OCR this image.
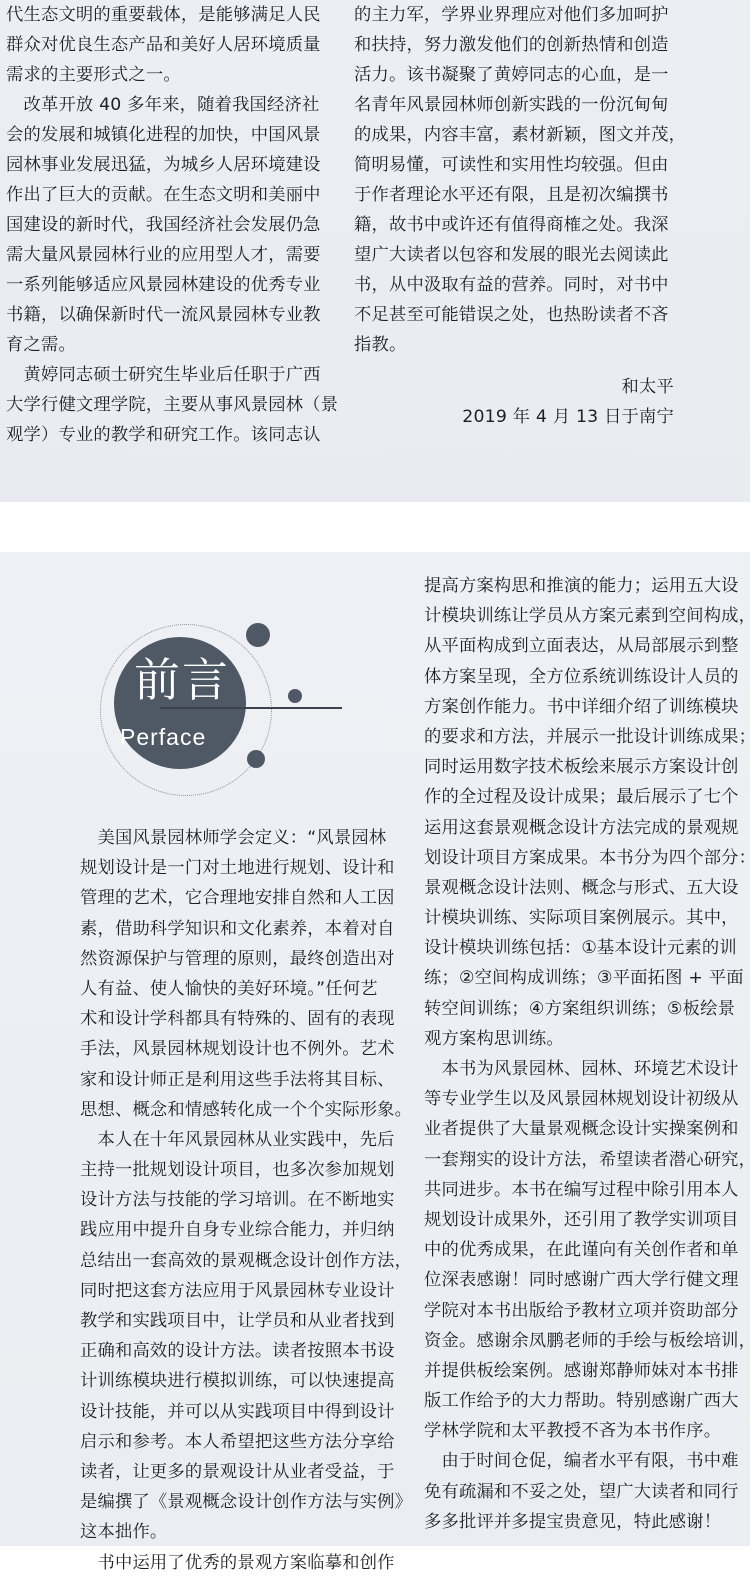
代生态文明的重要载体，是能够满足人民
群众对优良生态产品和美好人居环境质量
需求的主要形式之一。
　改革开放 40 多年来，随着我国经济社
会的发展和城镇化进程的加快，中国风景
园林事业发展迅猛，为城乡人居环境建设
作出了巨大的贡献。在生态文明和美丽中
国建设的新时代，我国经济社会发展仍急
需大量风景园林行业的应用型人才，需要
一系列能够适应风景园林建设的优秀专业
书籍，以确保新时代一流风景园林专业教
育之需。
　黄婷同志硕士研究生毕业后任职于广西
大学行健文理学院，主要从事风景园林（景
观学）专业的教学和研究工作。该同志认
的主力军，学界业界理应对他们多加呵护
和扶持，努力激发他们的创新热情和创造
活力。该书凝聚了黄婷同志的心血，是一
名青年风景园林师创新实践的一份沉甸甸
的成果，内容丰富，素材新颖，图文并茂，
简明易懂，可读性和实用性均较强。但由
于作者理论水平还有限，且是初次编撰书
籍，故书中或许还有值得商榷之处。我深
望广大读者以包容和发展的眼光去阅读此
书，从中汲取有益的营养。同时，对书中
不足甚至可能错误之处，也热盼读者不吝
指教。
和太平
2019 年 4 月 13 日于南宁
前言
Perface
　美国风景园林师学会定义：“风景园林
规划设计是一门对土地进行规划、设计和
管理的艺术，它合理地安排自然和人工因
素，借助科学知识和文化素养，本着对自
然资源保护与管理的原则，最终创造出对
人有益、使人愉快的美好环境。”任何艺
术和设计学科都具有特殊的、固有的表现
手法，风景园林规划设计也不例外。艺术
家和设计师正是利用这些手法将其目标、
思想、概念和情感转化成一个个实际形象。
　本人在十年风景园林从业实践中，先后
主持一批规划设计项目，也多次参加规划
设计方法与技能的学习培训。在不断地实
践应用中提升自身专业综合能力，并归纳
总结出一套高效的景观概念设计创作方法，
同时把这套方法应用于风景园林专业设计
教学和实践项目中，让学员和从业者找到
正确和高效的设计方法。读者按照本书设
计训练模块进行模拟训练，可以快速提高
设计技能，并可以从实践项目中得到设计
启示和参考。本人希望把这些方法分享给
读者，让更多的景观设计从业者受益，于
是编撰了《景观概念设计创作方法与实例》
这本拙作。
　书中运用了优秀的景观方案临摹和创作
提高方案构思和推演的能力；运用五大设
计模块训练让学员从方案元素到空间构成，
从平面构成到立面表达，从局部展示到整
体方案呈现，全方位系统训练设计人员的
方案创作能力。书中详细介绍了训练模块
的要求和方法，并展示一批设计训练成果；
同时运用数字技术板绘来展示方案设计创
作的全过程及设计成果；最后展示了七个
运用这套景观概念设计方法完成的景观规
划设计项目方案成果。本书分为四个部分：
景观概念设计法则、概念与形式、五大设
计模块训练、实际项目案例展示。其中，
设计模块训练包括：①基本设计元素的训
练；②空间构成训练；③平面拓图 + 平面
转空间训练；④方案组织训练；⑤板绘景
观方案构思训练。
　本书为风景园林、园林、环境艺术设计
等专业学生以及风景园林规划设计初级从
业者提供了大量景观概念设计实操案例和
一套翔实的设计方法，希望读者潜心研究，
共同进步。本书在编写过程中除引用本人
规划设计成果外，还引用了教学实训项目
中的优秀成果，在此谨向有关创作者和单
位深表感谢！同时感谢广西大学行健文理
学院对本书出版给予教材立项并资助部分
资金。感谢余凤鹏老师的手绘与板绘培训，
并提供板绘案例。感谢郑静师妹对本书排
版工作给予的大力帮助。特别感谢广西大
学林学院和太平教授不吝为本书作序。
　由于时间仓促，编者水平有限，书中难
免有疏漏和不妥之处，望广大读者和同行
多多批评并多提宝贵意见，特此感谢！
